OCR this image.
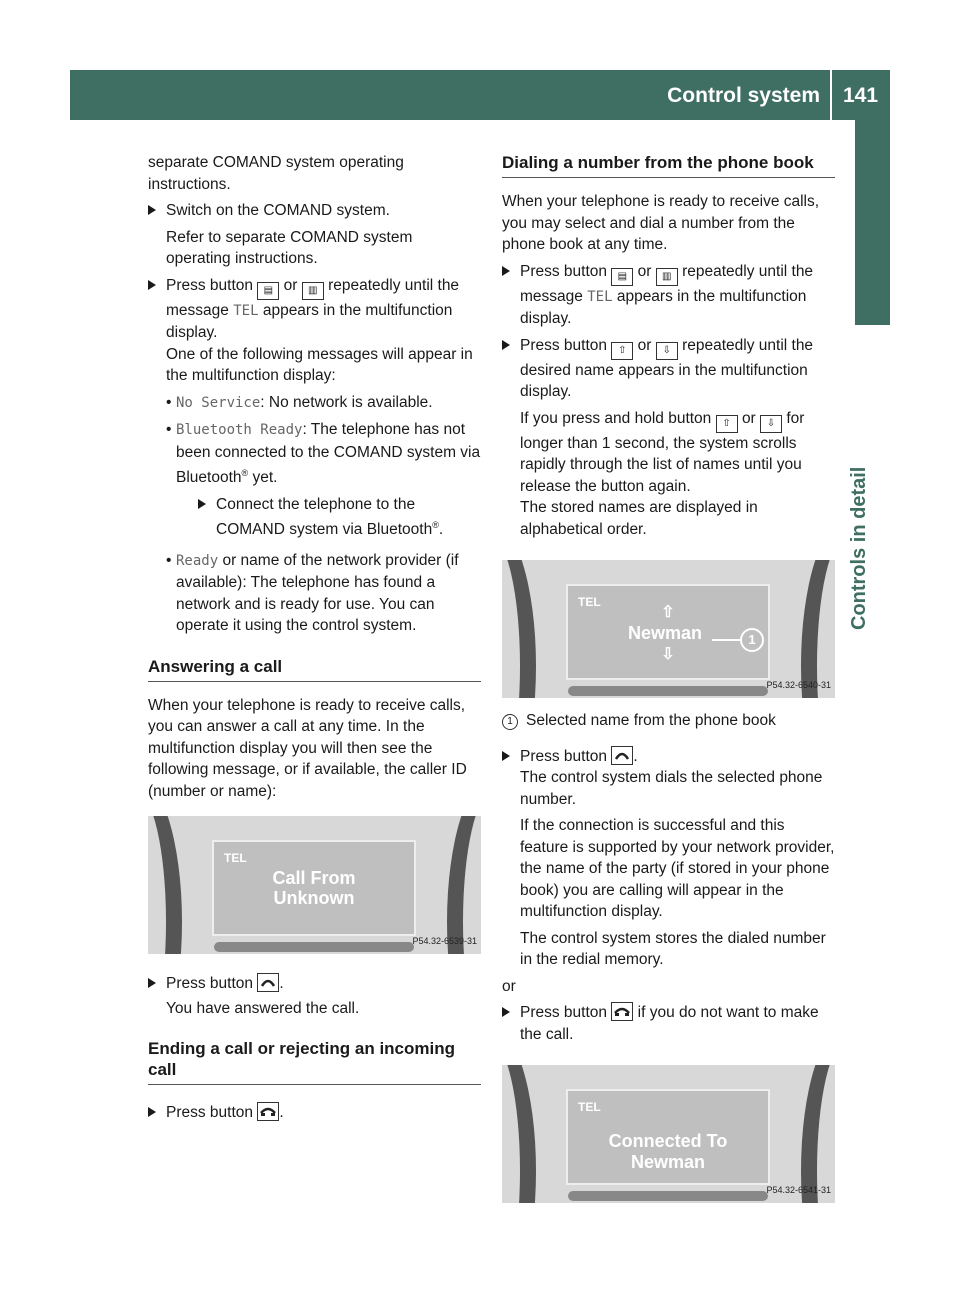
Control system 141
Controls in detail

separate COMAND system operating instructions.

Switch on the COMAND system.

Refer to separate COMAND system operating instructions.

Press button ▤ or ▥ repeatedly until the message TEL appears in the multifunction display.
One of the following messages will appear in the multifunction display:
• No Service: No network is available.
• Bluetooth Ready: The telephone has not been connected to the COMAND system via Bluetooth® yet.
Connect the telephone to the COMAND system via Bluetooth®.
• Ready or name of the network provider (if available): The telephone has found a network and is ready for use. You can operate it using the control system.

Answering a call

When your telephone is ready to receive calls, you can answer a call at any time. In the multifunction display you will then see the following message, or if available, the caller ID (number or name):

TEL
Call From
Unknown
P54.32-6539-31
Press button .

You have answered the call.

Ending a call or rejecting an incoming call

Press button .

Dialing a number from the phone book

When your telephone is ready to receive calls, you may select and dial a number from the phone book at any time.

Press button ▤ or ▥ repeatedly until the message TEL appears in the multifunction display.
Press button ⇧ or ⇩ repeatedly until the desired name appears in the multifunction display.

If you press and hold button ⇧ or ⇩ for longer than 1 second, the system scrolls rapidly through the list of names until you release the button again.
The stored names are displayed in alphabetical order.

TEL
⇧
Newman
⇩
1
P54.32-6540-31

1 Selected name from the phone book

Press button .
The control system dials the selected phone number.

If the connection is successful and this feature is supported by your network provider, the name of the party (if stored in your phone book) you are calling will appear in the multifunction display.

The control system stores the dialed number in the redial memory.

or

Press button if you do not want to make the call.
TEL
Connected To
Newman
P54.32-6541-31
